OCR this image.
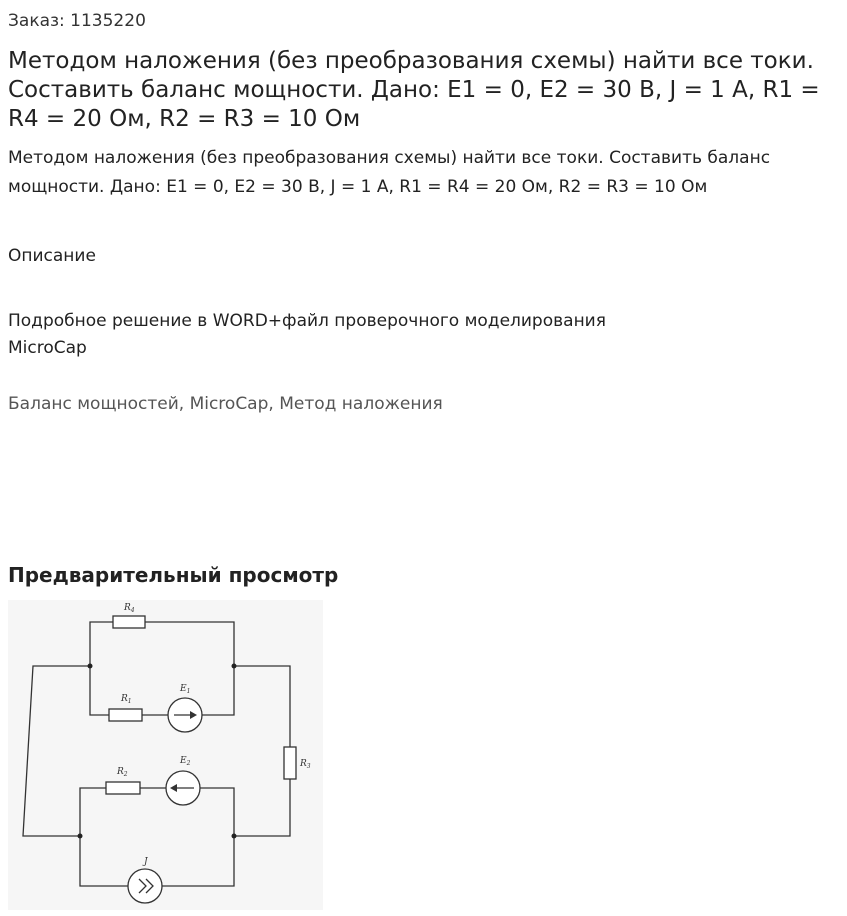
Заказ: 1135220
Методом наложения (без преобразования схемы) найти все токи. Составить баланс мощности. Дано: E1 = 0, E2 = 30 В, J = 1 А, R1 = R4 = 20 Ом, R2 = R3 = 10 Ом

Методом наложения (без преобразования схемы) найти все токи. Составить баланс мощности. Дано: E1 = 0, E2 = 30 В, J = 1 А, R1 = R4 = 20 Ом, R2 = R3 = 10 Ом

Описание

Подробное решение в WORD+файл проверочного моделирования
MicroCap

Баланс мощностей, MicroCap, Метод наложения
Предварительный просмотр
$R_4$
$R_1$
$E_1$
$R_2$
$E_2$	$R_3$
J
